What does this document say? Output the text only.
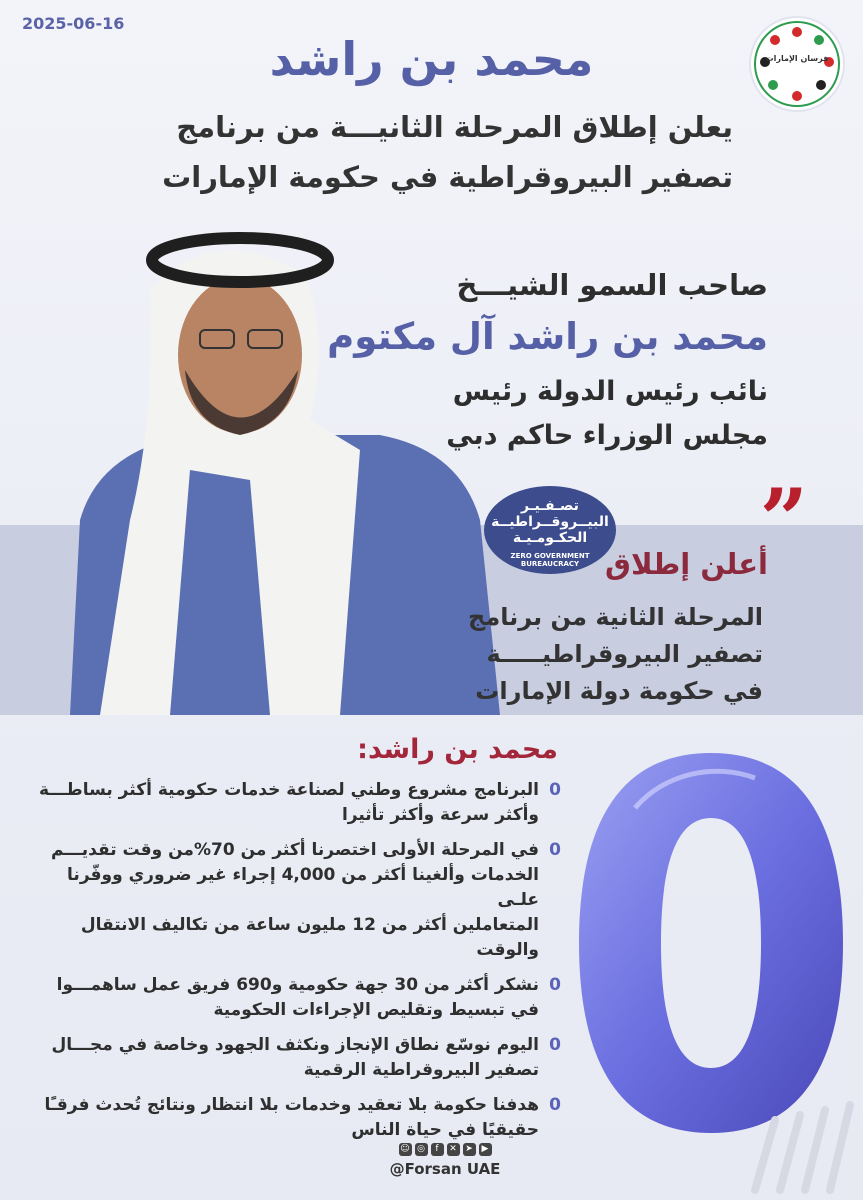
2025-06-16
فرسان الإمارات
محمد بن راشد
يعلن إطلاق المرحلة الثانيـــة من برنامج
تصفير البيروقراطية في حكومة الإمارات
صاحب السمو الشيـــخ
محمد بن راشد آل مكتوم
نائب رئيس الدولة رئيس
مجلس الوزراء حاكم دبي
”
تصـفـيـر
البيــروقــراطيــة
الحكـومـيـة
ZERO GOVERNMENT BUREAUCRACY أعلن إطلاق
المرحلة الثانية من برنامج
تصفير البيروقراطيـــــة
في حكومة دولة الإمارات
محمد بن راشد:
0
البرنامج مشروع وطني لصناعة خدمات حكومية أكثر بساطـــة
وأكثر سرعة وأكثر تأثيرا
0
في المرحلة الأولى اختصرنا أكثر من 70%من وقت تقديـــم
الخدمات وألغينا أكثر من 4,000 إجراء غير ضروري ووفّرنا علـى
المتعاملين أكثر من 12 مليون ساعة من تكاليف الانتقال والوقت
0
نشكر أكثر من 30 جهة حكومية و690 فريق عمل ساهمـــوا
في تبسيط وتقليص الإجراءات الحكومية
0
اليوم نوسّع نطاق الإنجاز ونكثف الجهود وخاصة في مجـــال
تصفير البيروقراطية الرقمية
0
هدفنا حكومة بلا تعقيد وخدمات بلا انتظار ونتائج تُحدث فرقـًا
حقيقيًا في حياة الناس
☺ ◎	f	✕ ➤ ▶
@Forsan UAE
